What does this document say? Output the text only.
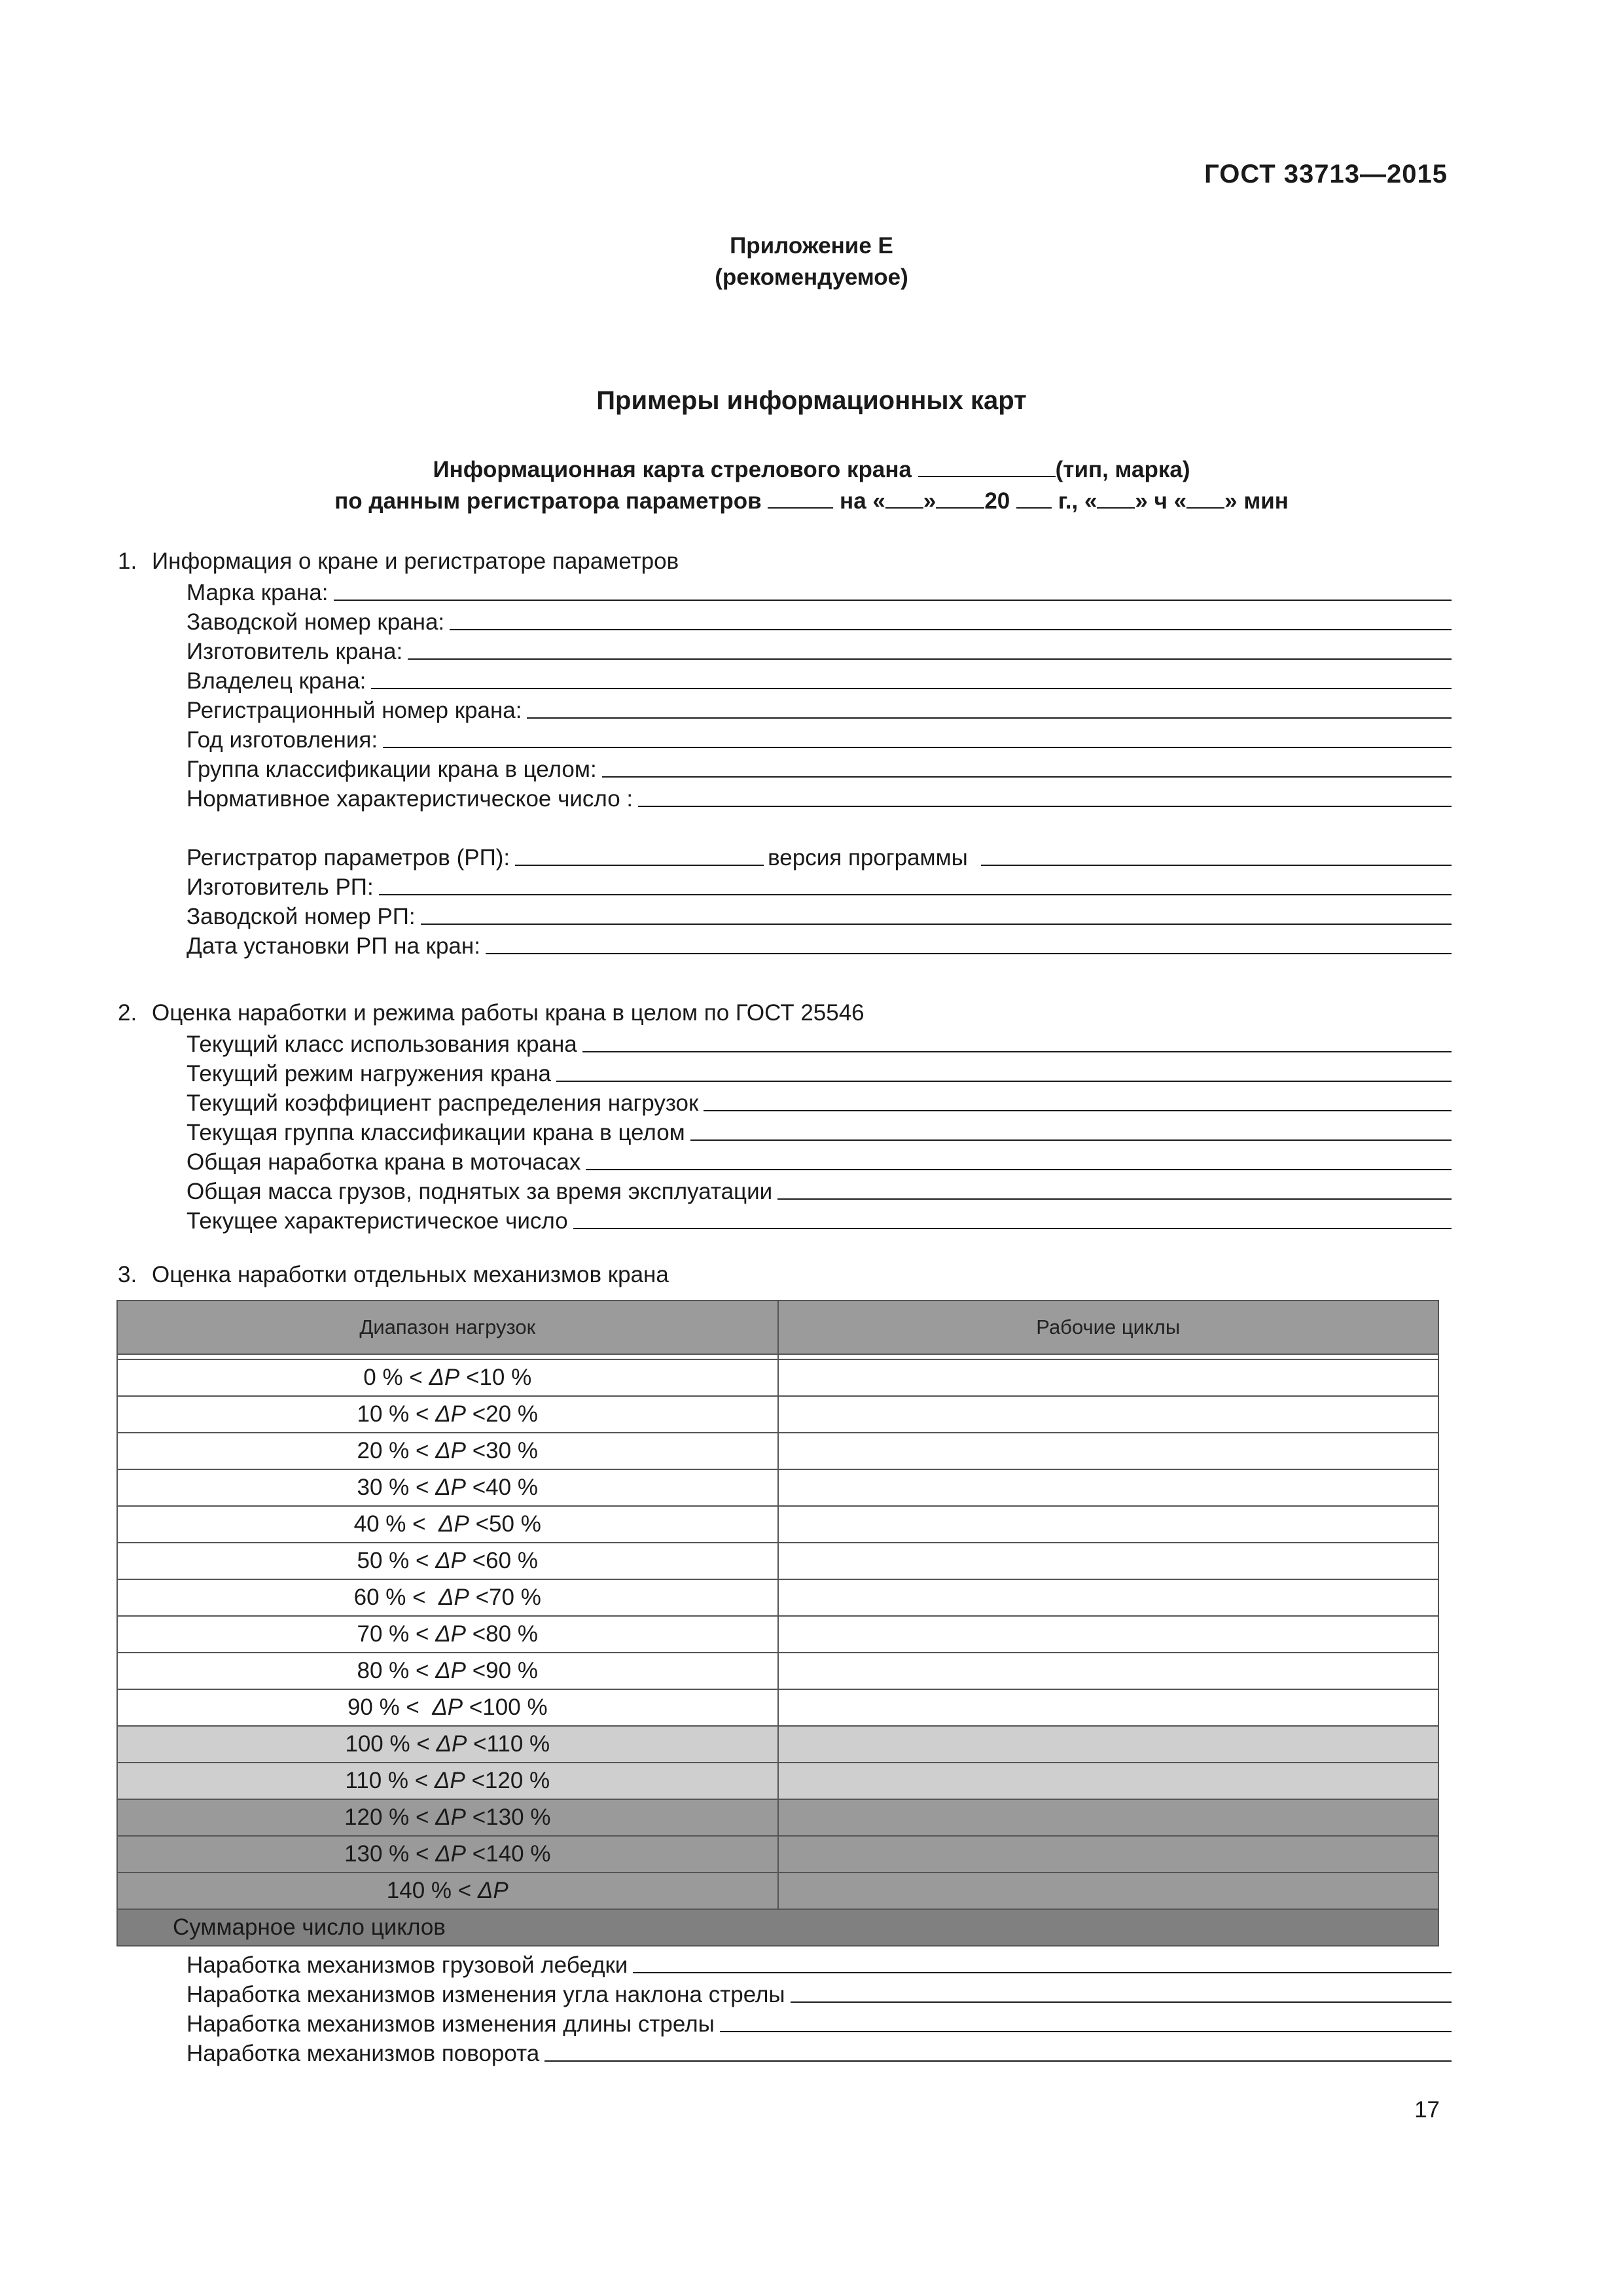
ГОСТ 33713—2015
Приложение Е
(рекомендуемое)
Примеры информационных карт
Информационная карта стрелового крана	(тип, марка)
по данным регистратора параметров	на « » 20  г., « » ч « » мин
1. Информация о кране и регистраторе параметров
Марка крана:
Заводской номер крана:
Изготовитель крана:
Владелец крана:
Регистрационный номер крана:
Год изготовления:
Группа классификации крана в целом:
Нормативное характеристическое число :
Регистратор параметров (РП):	версия программы
Изготовитель РП:
Заводской номер РП:
Дата установки РП на кран:
2. Оценка наработки и режима работы крана в целом по ГОСТ 25546
Текущий класс использования крана
Текущий режим нагружения крана
Текущий коэффициент распределения нагрузок
Текущая группа классификации крана в целом
Общая наработка крана в моточасах
Общая масса грузов, поднятых за время эксплуатации
Текущее характеристическое число
3. Оценка наработки отдельных механизмов крана
Диапазон нагрузок	Рабочие циклы

0 % < ΔP <10 %	
10 % < ΔP <20 %	
20 % < ΔP <30 %	
30 % < ΔP <40 %	
40 % <  ΔP <50 %	
50 % < ΔP <60 %	
60 % <  ΔP <70 %	
70 % < ΔP <80 %	
80 % < ΔP <90 %	
90 % <  ΔP <100 %	
100 % < ΔP <110 %	
110 % < ΔP <120 %	
120 % < ΔP <130 %	
130 % < ΔP <140 %	
140 % < ΔP	
Суммарное число циклов	
Наработка механизмов грузовой лебедки
Наработка механизмов изменения угла наклона стрелы
Наработка механизмов изменения длины стрелы
Наработка механизмов поворота
17
